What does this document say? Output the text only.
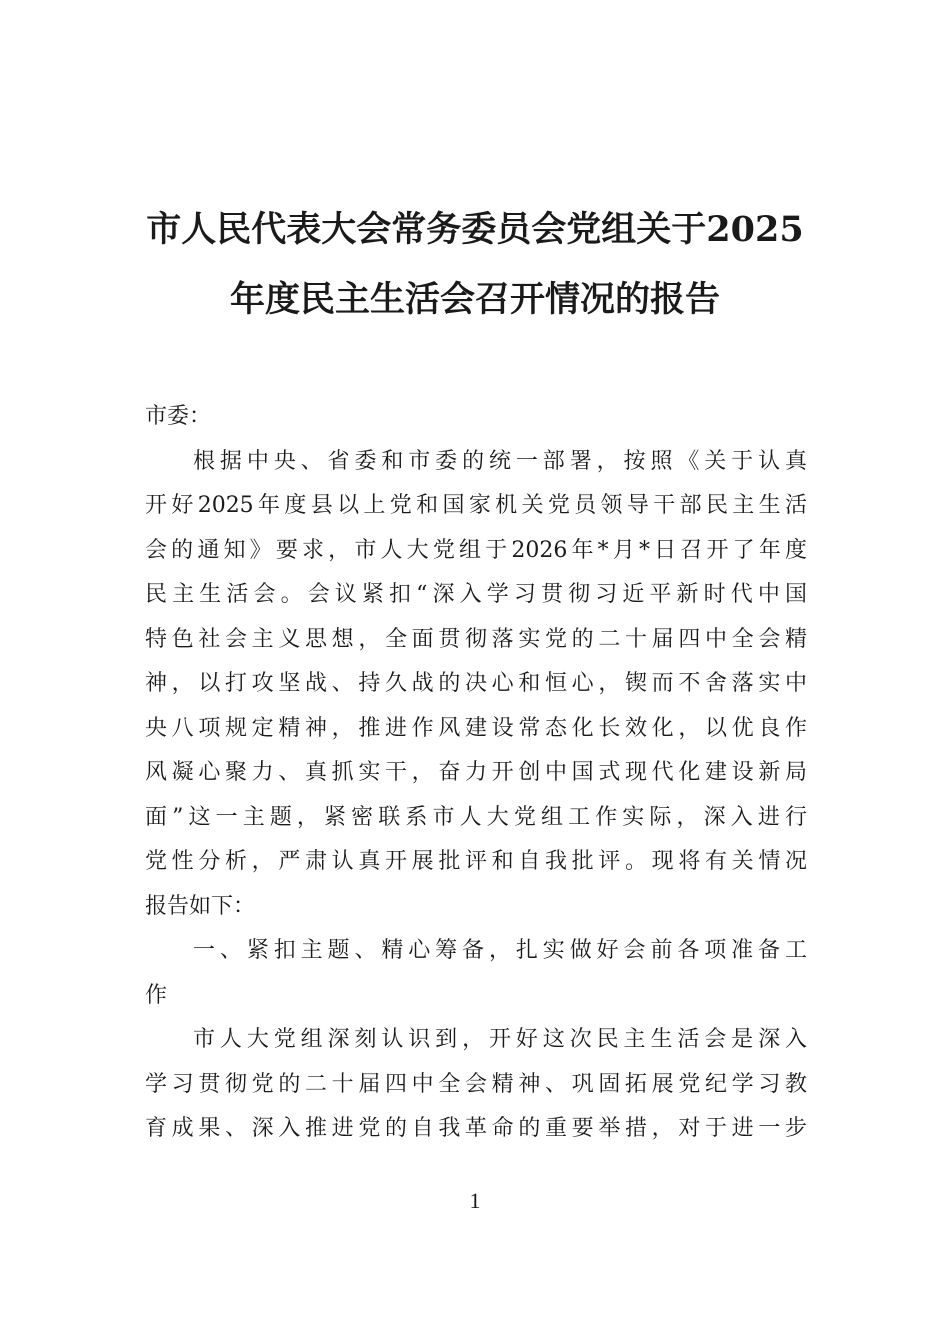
市人民代表大会常务委员会党组关于2025
年度民主生活会召开情况的报告
市委：
根据中央、省委和市委的统一部署，按照《关于认真
开好2025年度县以上党和国家机关党员领导干部民主生活
会的通知》要求，市人大党组于2026年*月*日召开了年度
民主生活会。会议紧扣“深入学习贯彻习近平新时代中国
特色社会主义思想，全面贯彻落实党的二十届四中全会精
神，以打攻坚战、持久战的决心和恒心，锲而不舍落实中
央八项规定精神，推进作风建设常态化长效化，以优良作
风凝心聚力、真抓实干，奋力开创中国式现代化建设新局
面”这一主题，紧密联系市人大党组工作实际，深入进行
党性分析，严肃认真开展批评和自我批评。现将有关情况
报告如下：
一、紧扣主题、精心筹备，扎实做好会前各项准备工
作
市人大党组深刻认识到，开好这次民主生活会是深入
学习贯彻党的二十届四中全会精神、巩固拓展党纪学习教
育成果、深入推进党的自我革命的重要举措，对于进一步
1
